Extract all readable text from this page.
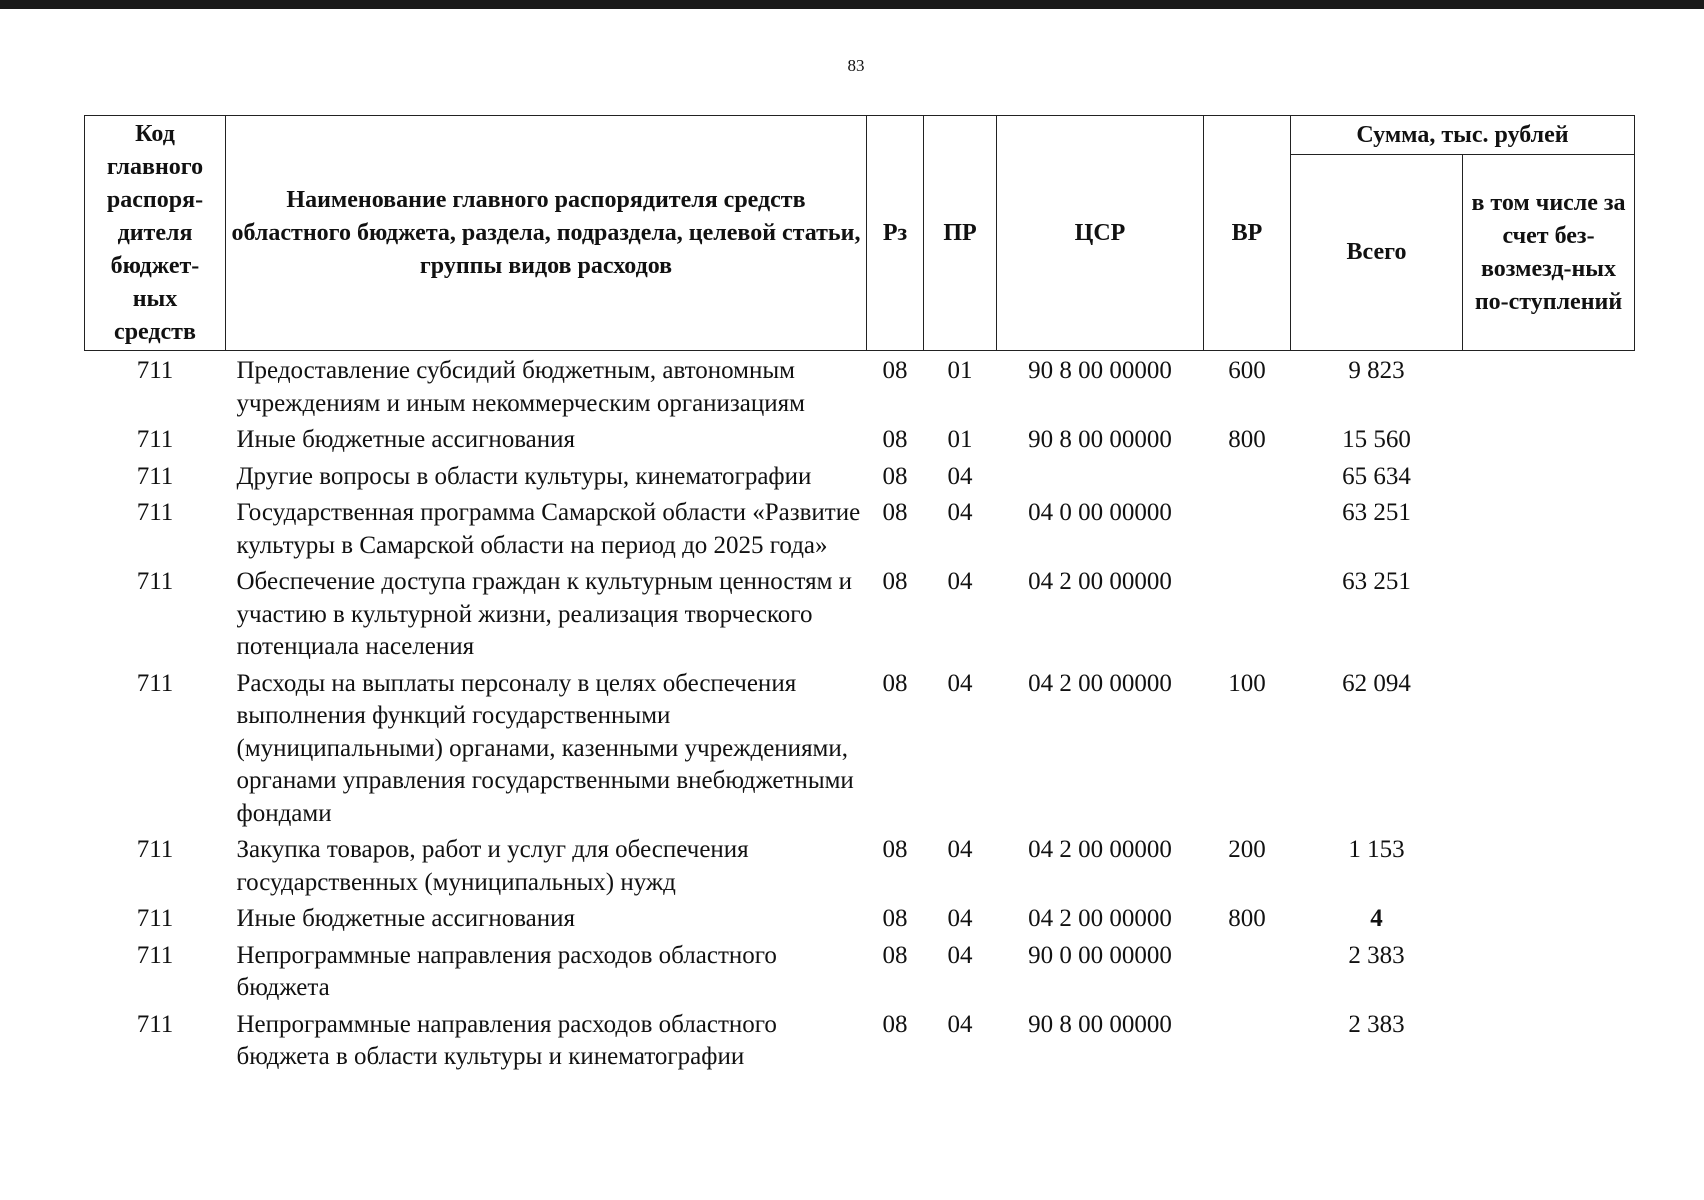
83
Код главного распоря-дителя бюджет-ных средств	Наименование главного распорядителя средств областного бюджета, раздела, подраздела, целевой статьи, группы видов расходов	Рз	ПР	ЦСР	ВР	Сумма, тыс. рублей	
						Всего	в том числе за счет без-возмезд-ных по-ступлений
711	Предоставление субсидий бюджетным, автономным учреждениям и иным некоммерческим организациям	08	01	90 8 00 00000	600	9 823	
711	Иные бюджетные ассигнования	08	01	90 8 00 00000	800	15 560	
711	Другие вопросы в области культуры, кинематографии	08	04			65 634	
711	Государственная программа Самарской области «Развитие культуры в Самарской области на период до 2025 года»	08	04	04 0 00 00000		63 251	
711	Обеспечение доступа граждан к культурным ценностям и участию в культурной жизни, реализация творческого потенциала населения	08	04	04 2 00 00000		63 251	
711	Расходы на выплаты персоналу в целях обеспечения выполнения функций государственными (муниципальными) органами, казенными учреждениями, органами управления государственными внебюджетными фондами	08	04	04 2 00 00000	100	62 094	
711	Закупка товаров, работ и услуг для обеспечения государственных (муниципальных) нужд	08	04	04 2 00 00000	200	1 153	
711	Иные бюджетные ассигнования	08	04	04 2 00 00000	800	4	
711	Непрограммные направления расходов областного бюджета	08	04	90 0 00 00000		2 383	
711	Непрограммные направления расходов областного бюджета в области культуры и кинематографии	08	04	90 8 00 00000		2 383	
